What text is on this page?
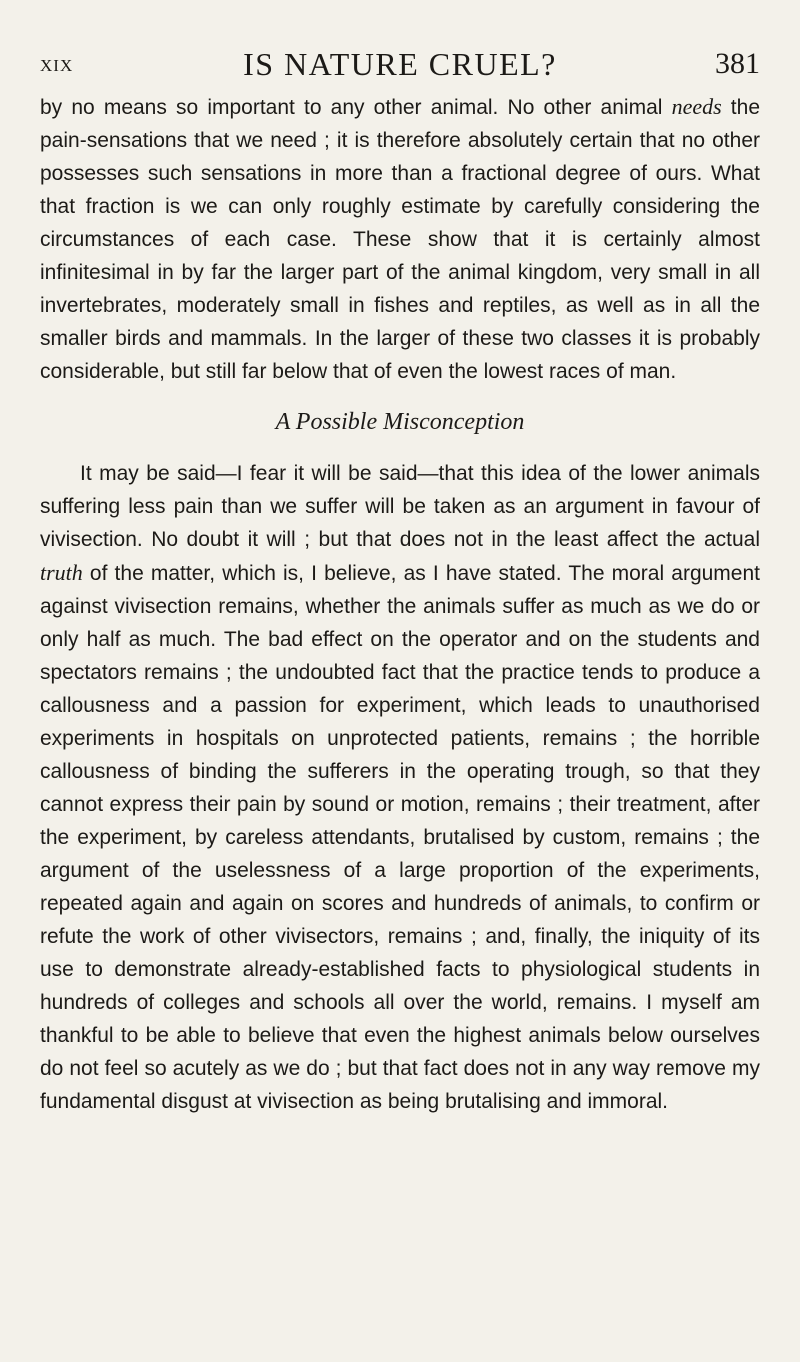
XIX	IS NATURE CRUEL?	381

by no means so important to any other animal. No other animal needs the pain-sensations that we need ; it is therefore absolutely certain that no other possesses such sensations in more than a fractional degree of ours. What that fraction is we can only roughly estimate by carefully considering the circumstances of each case. These show that it is certainly almost infinitesimal in by far the larger part of the animal kingdom, very small in all invertebrates, moderately small in fishes and reptiles, as well as in all the smaller birds and mammals. In the larger of these two classes it is probably considerable, but still far below that of even the lowest races of man.

A Possible Misconception

It may be said—I fear it will be said—that this idea of the lower animals suffering less pain than we suffer will be taken as an argument in favour of vivisection. No doubt it will ; but that does not in the least affect the actual truth of the matter, which is, I believe, as I have stated. The moral argument against vivisection remains, whether the animals suffer as much as we do or only half as much. The bad effect on the operator and on the students and spectators remains ; the undoubted fact that the practice tends to produce a callousness and a passion for experiment, which leads to unauthorised experiments in hospitals on unprotected patients, remains ; the horrible callousness of binding the sufferers in the operating trough, so that they cannot express their pain by sound or motion, remains ; their treatment, after the experiment, by careless attendants, brutalised by custom, remains ; the argument of the uselessness of a large proportion of the experiments, repeated again and again on scores and hundreds of animals, to confirm or refute the work of other vivisectors, remains ; and, finally, the iniquity of its use to demonstrate already-established facts to physiological students in hundreds of colleges and schools all over the world, remains. I myself am thankful to be able to believe that even the highest animals below ourselves do not feel so acutely as we do ; but that fact does not in any way remove my fundamental disgust at vivisection as being brutalising and immoral.
